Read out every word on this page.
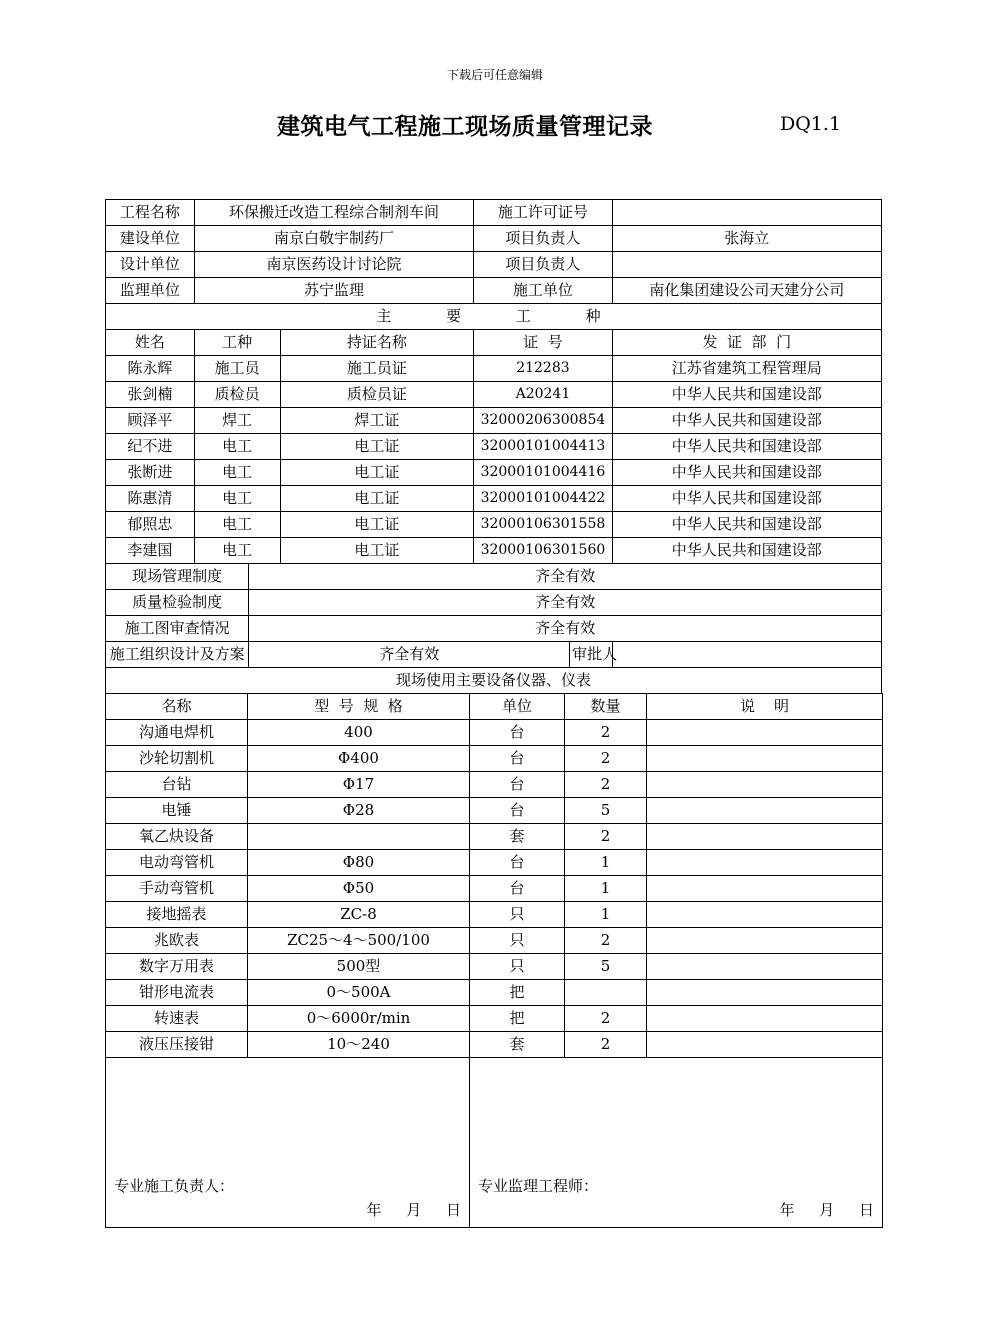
下载后可任意编辑
建筑电气工程施工现场质量管理记录	DQ1.1
工程名称	环保搬迁改造工程综合制剂车间			施工许可证号		
建设单位	南京白敬宇制药厂			项目负责人		张海立
设计单位	南京医药设计讨论院			项目负责人		
监理单位	苏宁监理			施工单位		南化集团建设公司天建分公司
主 要 工 种						
姓名	工种		持证名称	证  号		发  证  部  门
陈永辉	施工员		施工员证	212283		江苏省建筑工程管理局
张剑楠	质检员		质检员证	A20241		中华人民共和国建设部
顾泽平	焊工		焊工证	32000206300854		中华人民共和国建设部
纪不进	电工		电工证	32000101004413		中华人民共和国建设部
张断进	电工		电工证	32000101004416		中华人民共和国建设部
陈惠清	电工		电工证	32000101004422		中华人民共和国建设部
郁照忠	电工		电工证	32000106301558		中华人民共和国建设部
李建国	电工		电工证	32000106301560		中华人民共和国建设部
现场管理制度		齐全有效				
质量检验制度		齐全有效				
施工图审查情况		齐全有效				
施工组织设计及方案		齐全有效			审批人	
现场使用主要设备仪器、仪表						
名称	型  号  规  格	单位	数量	说    明
沟通电焊机	400	台	2	
沙轮切割机	Φ400	台	2	
台钻	Φ17	台	2	
电锤	Φ28	台	5	
氧乙炔设备		套	2	
电动弯管机	Φ80	台	1	
手动弯管机	Φ50	台	1	
接地摇表	ZC-8	只	1	
兆欧表	ZC25～4～500/100	只	2	
数字万用表	500型	只	5	
钳形电流表	0～500A	把		
转速表	0～6000r/min	把	2	
液压压接钳	10～240	套	2	

专业施工负责人：
年 月 日		专业监理工程师：
年 月 日		
